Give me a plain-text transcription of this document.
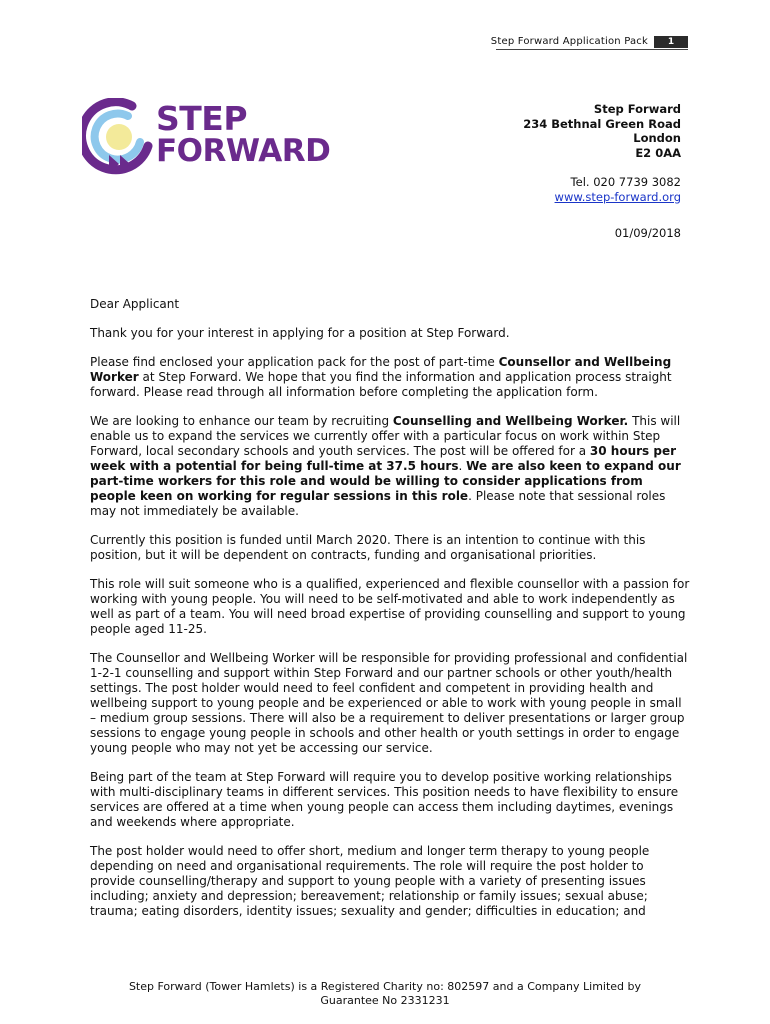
Step Forward Application Pack	1
STEP
FORWARD
Step Forward
234 Bethnal Green Road
London
E2 0AA
Tel. 020 7739 3082
www.step-forward.org
01/09/2018

Dear Applicant

Thank you for your interest in applying for a position at Step Forward.

Please find enclosed your application pack for the post of part-time Counsellor and Wellbeing Worker at Step Forward. We hope that you find the information and application process straight forward. Please read through all information before completing the application form.

We are looking to enhance our team by recruiting Counselling and Wellbeing Worker. This will enable us to expand the services we currently offer with a particular focus on work within Step Forward, local secondary schools and youth services. The post will be offered for a 30 hours per week with a potential for being full-time at 37.5 hours. We are also keen to expand our part-time workers for this role and would be willing to consider applications from people keen on working for regular sessions in this role. Please note that sessional roles may not immediately be available.

Currently this position is funded until March 2020. There is an intention to continue with this position, but it will be dependent on contracts, funding and organisational priorities.

This role will suit someone who is a qualified, experienced and flexible counsellor with a passion for working with young people. You will need to be self-motivated and able to work independently as well as part of a team. You will need broad expertise of providing counselling and support to young people aged 11-25.

The Counsellor and Wellbeing Worker will be responsible for providing professional and confidential 1-2-1 counselling and support within Step Forward and our partner schools or other youth/health settings. The post holder would need to feel confident and competent in providing health and wellbeing support to young people and be experienced or able to work with young people in small – medium group sessions. There will also be a requirement to deliver presentations or larger group sessions to engage young people in schools and other health or youth settings in order to engage young people who may not yet be accessing our service.

Being part of the team at Step Forward will require you to develop positive working relationships with multi-disciplinary teams in different services. This position needs to have flexibility to ensure services are offered at a time when young people can access them including daytimes, evenings and weekends where appropriate.

The post holder would need to offer short, medium and longer term therapy to young people depending on need and organisational requirements. The role will require the post holder to provide counselling/therapy and support to young people with a variety of presenting issues including; anxiety and depression; bereavement; relationship or family issues; sexual abuse; trauma; eating disorders, identity issues; sexuality and gender; difficulties in education; and

Step Forward (Tower Hamlets) is a Registered Charity no: 802597 and a Company Limited by Guarantee No 2331231
